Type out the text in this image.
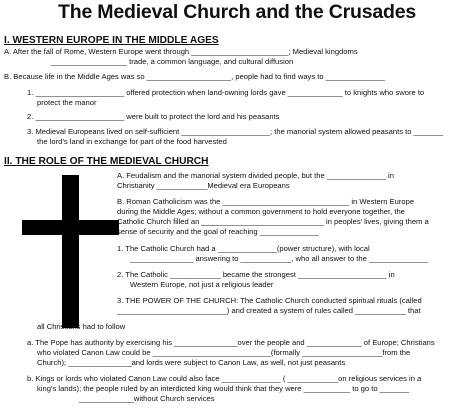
The Medieval Church and the Crusades
I. WESTERN EUROPE IN THE MIDDLE AGES
A. After the fall of Rome, Western Europe went through _______________________; Medieval kingdoms
__________________ trade, a common language, and cultural diffusion
B. Because life in the Middle Ages was so ____________________, people had to find ways to ______________
1. _____________________ offered protection when land-owning lords gave _____________ to knights who swore to
protect the manor
2. _____________________ were built to protect the lord and his peasants
3. Medieval Europeans lived on self-sufficient _____________________; the manorial system allowed peasants to _______
the lord’s land in exchange for part of the food harvested
II. THE ROLE OF THE MEDIEVAL CHURCH
A. Feudalism and the manorial system divided people, but the ______________ in
Christianity ____________Medieval era Europeans
B. Roman Catholicism was the ______________________________ in Western Europe
during the Middle Ages; without a common government to hold everyone together, the
Catholic Church filled an _____________________________ in peoples’ lives, giving them a
sense of security and the goal of reaching ______________
1. The Catholic Church had a ______________(power structure), with local
_______________ answering to ____________, who all answer to the ______________
2. The Catholic ____________ became the strongest _____________________ in
Western Europe, not just a religious leader
3. THE POWER OF THE CHURCH: The Catholic Church conducted spiritual rituals (called
__________________________) and created a system of rules called ____________ that
all Christians had to follow
a. The Pope has authority by exercising his _______________over the people and _____________ of Europe; Christians
who violated Canon Law could be ____________________________(formally ___________________from the
Church); _______________and lords were subject to Canon Law, as well, not just peasants
b. Kings or lords who violated Canon Law could also face ______________ ( ____________on religious services in a
king’s lands); the people ruled by an interdicted king would think that they were ___________ to go to _______
_____________without Church services
